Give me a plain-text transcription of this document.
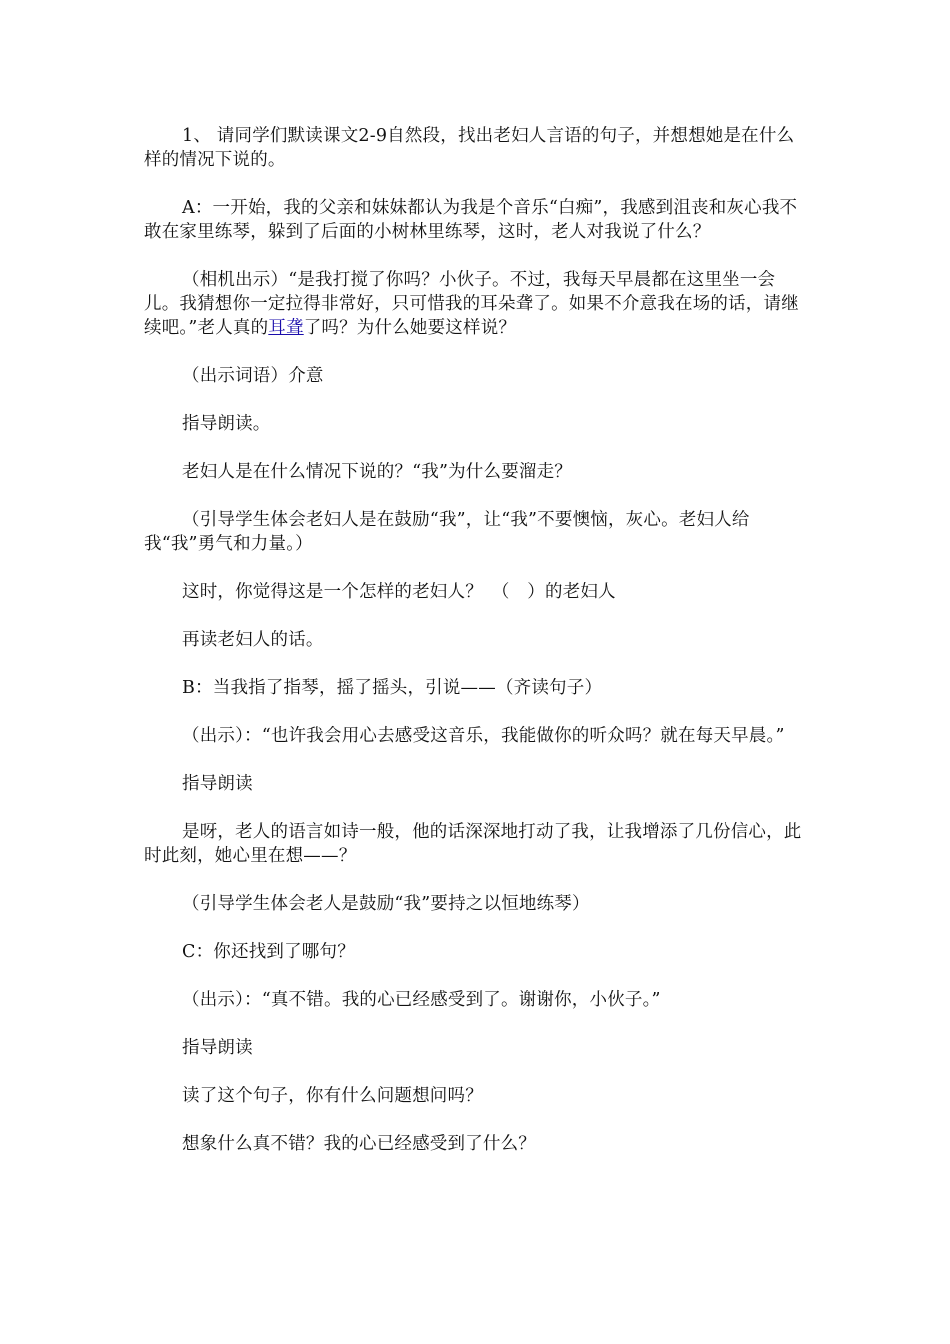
1、 请同学们默读课文2-9自然段，找出老妇人言语的句子，并想想她是在什么样的情况下说的。

A：一开始，我的父亲和妹妹都认为我是个音乐“白痴”，我感到沮丧和灰心我不敢在家里练琴，躲到了后面的小树林里练琴，这时，老人对我说了什么？

（相机出示）“是我打搅了你吗？小伙子。不过，我每天早晨都在这里坐一会儿。我猜想你一定拉得非常好，只可惜我的耳朵聋了。如果不介意我在场的话，请继续吧。”老人真的耳聋了吗？为什么她要这样说？

（出示词语）介意

指导朗读。

老妇人是在什么情况下说的？“我”为什么要溜走？

（引导学生体会老妇人是在鼓励“我”，让“我”不要懊恼，灰心。老妇人给我“我”勇气和力量。）

这时，你觉得这是一个怎样的老妇人？　（　）的老妇人

再读老妇人的话。

B：当我指了指琴，摇了摇头，引说——（齐读句子）

（出示）：“也许我会用心去感受这音乐，我能做你的听众吗？就在每天早晨。”

指导朗读

是呀，老人的语言如诗一般，他的话深深地打动了我，让我增添了几份信心，此时此刻，她心里在想——？

（引导学生体会老人是鼓励“我”要持之以恒地练琴）

C：你还找到了哪句？

（出示）：“真不错。我的心已经感受到了。谢谢你，小伙子。”

指导朗读

读了这个句子，你有什么问题想问吗？

想象什么真不错？我的心已经感受到了什么？
